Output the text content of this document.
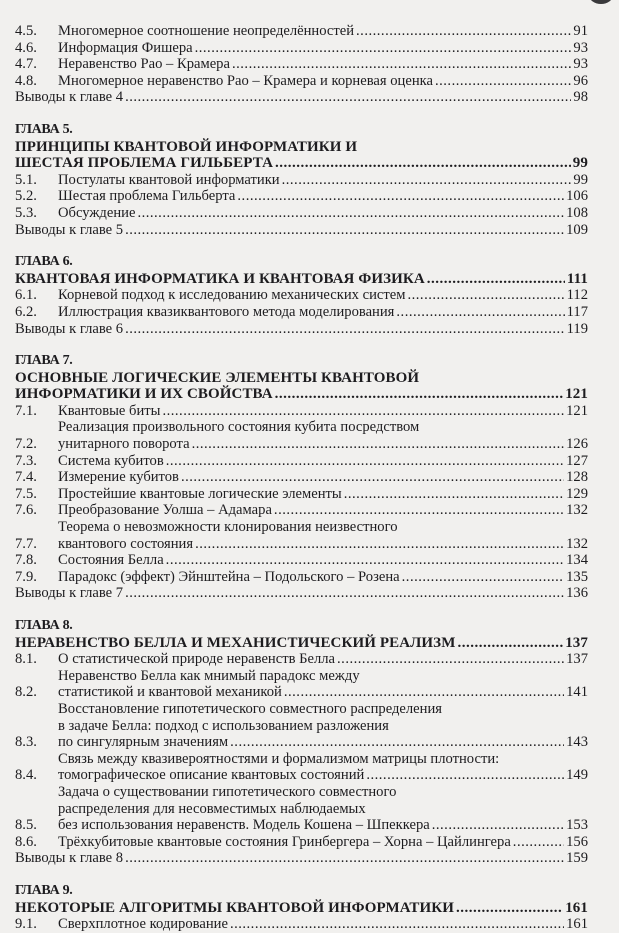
4.5.	Многомерное соотношение неопределённостей .....	91
4.6.	Информация Фишера .....	93
4.7.	Неравенство Рао – Крамера .....	93
4.8.	Многомерное неравенство Рао – Крамера и корневая оценка .....	96
Выводы к главе 4 .....	98
ГЛАВА 5.
ПРИНЦИПЫ КВАНТОВОЙ ИНФОРМАТИКИ И
ШЕСТАЯ ПРОБЛЕМА ГИЛЬБЕРТА .....	99
5.1.	Постулаты квантовой информатики .....	99
5.2.	Шестая проблема Гильберта .....	106
5.3.	Обсуждение .....	108
Выводы к главе 5 .....	109
ГЛАВА 6.
КВАНТОВАЯ ИНФОРМАТИКА И КВАНТОВАЯ ФИЗИКА .....	111
6.1.	Корневой подход к исследованию механических систем .....	112
6.2.	Иллюстрация квазиквантового метода моделирования .....	117
Выводы к главе 6 .....	119
ГЛАВА 7.
ОСНОВНЫЕ ЛОГИЧЕСКИЕ ЭЛЕМЕНТЫ КВАНТОВОЙ
ИНФОРМАТИКИ И ИХ СВОЙСТВА .....	121
7.1.	Квантовые биты .....	121
7.2.
Реализация произвольного состояния кубита посредством
унитарного поворота .....	126
7.3.	Система кубитов .....	127
7.4.	Измерение кубитов .....	128
7.5.	Простейшие квантовые логические элементы .....	129
7.6.	Преобразование Уолша – Адамара .....	132
7.7.
Теорема о невозможности клонирования неизвестного
квантового состояния .....	132
7.8.	Состояния Белла .....	134
7.9.	Парадокс (эффект) Эйнштейна – Подольского – Розена .....	135
Выводы к главе 7 .....	136
ГЛАВА 8.
НЕРАВЕНСТВО БЕЛЛА И МЕХАНИСТИЧЕСКИЙ РЕАЛИЗМ .....	137
8.1.	О статистической природе неравенств Белла .....	137
8.2.
Неравенство Белла как мнимый парадокс между
статистикой и квантовой механикой .....	141
8.3.
Восстановление гипотетического совместного распределения
в задаче Белла: подход с использованием разложения
по сингулярным значениям .....	143
8.4.
Связь между квазивероятностями и формализмом матрицы плотности:
томографическое описание квантовых состояний .....	149
8.5.
Задача о существовании гипотетического совместного
распределения для несовместимых наблюдаемых
без использования неравенств. Модель Кошена – Шпеккера .....	153
8.6.	Трёхкубитовые квантовые состояния Гринбергера – Хорна – Цайлингера .....	156
Выводы к главе 8 .....	159
ГЛАВА 9.
НЕКОТОРЫЕ АЛГОРИТМЫ КВАНТОВОЙ ИНФОРМАТИКИ .....	161
9.1.	Сверхплотное кодирование .....	161
